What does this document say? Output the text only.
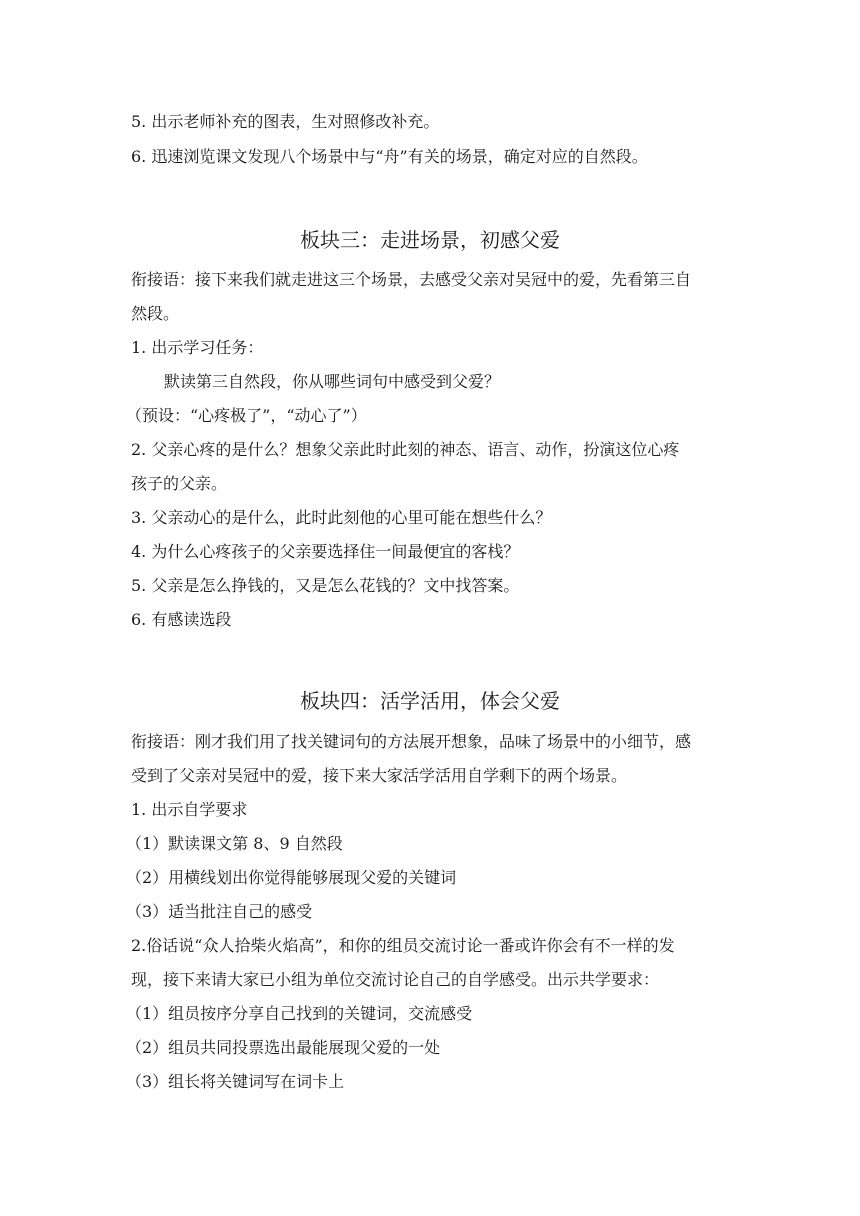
5. 出示老师补充的图表，生对照修改补充。
6. 迅速浏览课文发现八个场景中与“舟”有关的场景，确定对应的自然段。
板块三：走进场景，初感父爱
衔接语：接下来我们就走进这三个场景，去感受父亲对吴冠中的爱，先看第三自
然段。
1. 出示学习任务：
默读第三自然段，你从哪些词句中感受到父爱？
（预设：“心疼极了”，“动心了”）
2. 父亲心疼的是什么？想象父亲此时此刻的神态、语言、动作，扮演这位心疼
孩子的父亲。
3. 父亲动心的是什么，此时此刻他的心里可能在想些什么？
4. 为什么心疼孩子的父亲要选择住一间最便宜的客栈？
5. 父亲是怎么挣钱的，又是怎么花钱的？文中找答案。
6. 有感读选段
板块四：活学活用，体会父爱
衔接语：刚才我们用了找关键词句的方法展开想象，品味了场景中的小细节，感
受到了父亲对吴冠中的爱，接下来大家活学活用自学剩下的两个场景。
1. 出示自学要求
（1）默读课文第 8、9 自然段
（2）用横线划出你觉得能够展现父爱的关键词
（3）适当批注自己的感受
2.俗话说“众人拾柴火焰高”，和你的组员交流讨论一番或许你会有不一样的发
现，接下来请大家已小组为单位交流讨论自己的自学感受。出示共学要求：
（1）组员按序分享自己找到的关键词，交流感受
（2）组员共同投票选出最能展现父爱的一处
（3）组长将关键词写在词卡上
